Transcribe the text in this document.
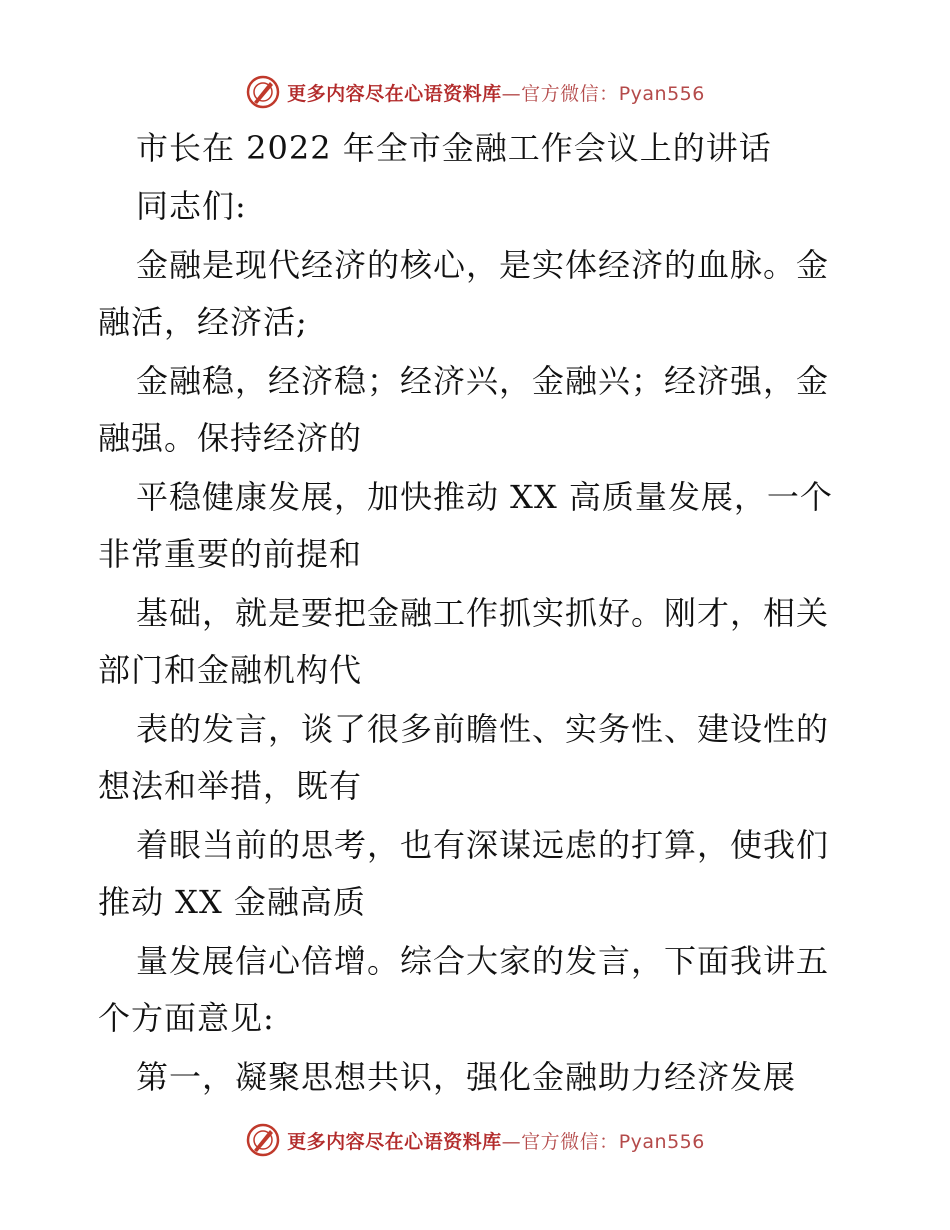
更多内容尽在心语资料库—官方微信：Pyan556
市长在 2022 年全市金融工作会议上的讲话
同志们:
金融是现代经济的核心，是实体经济的血脉。金
融活，经济活;
金融稳，经济稳；经济兴，金融兴；经济强，金
融强。保持经济的
平稳健康发展，加快推动 XX 高质量发展，一个
非常重要的前提和
基础，就是要把金融工作抓实抓好。刚才，相关
部门和金融机构代
表的发言，谈了很多前瞻性、实务性、建设性的
想法和举措，既有
着眼当前的思考，也有深谋远虑的打算，使我们
推动 XX 金融高质
量发展信心倍增。综合大家的发言，下面我讲五
个方面意见:
第一，凝聚思想共识，强化金融助力经济发展
更多内容尽在心语资料库—官方微信：Pyan556
